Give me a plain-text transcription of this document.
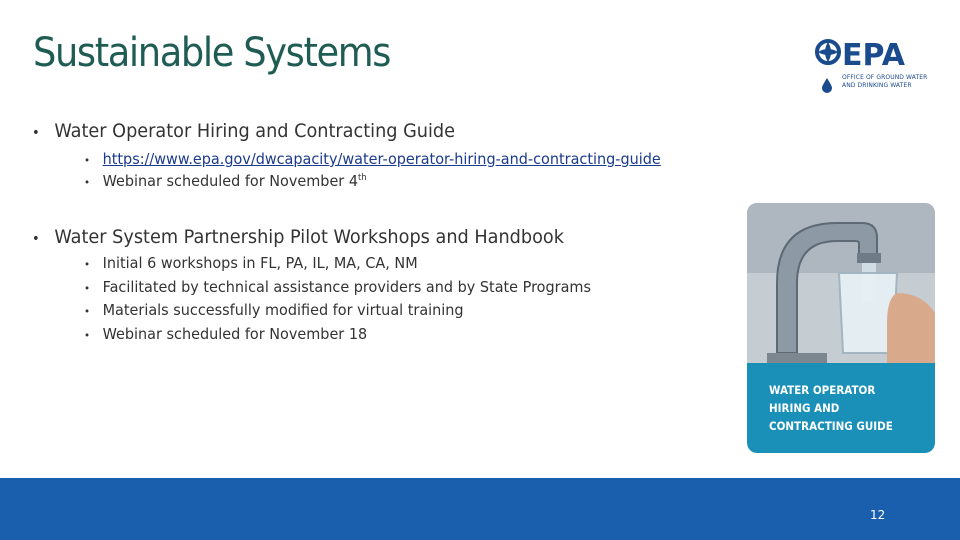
Sustainable Systems	EPA
OFFICE OF GROUND WATER
AND DRINKING WATER
• Water Operator Hiring and Contracting Guide
• https://www.epa.gov/dwcapacity/water-operator-hiring-and-contracting-guide
• Webinar scheduled for November 4th
• Water System Partnership Pilot Workshops and Handbook
• Initial 6 workshops in FL, PA, IL, MA, CA, NM
• Facilitated by technical assistance providers and by State Programs
• Materials successfully modified for virtual training
• Webinar scheduled for November 18
WATER OPERATOR
HIRING AND
CONTRACTING GUIDE
12
